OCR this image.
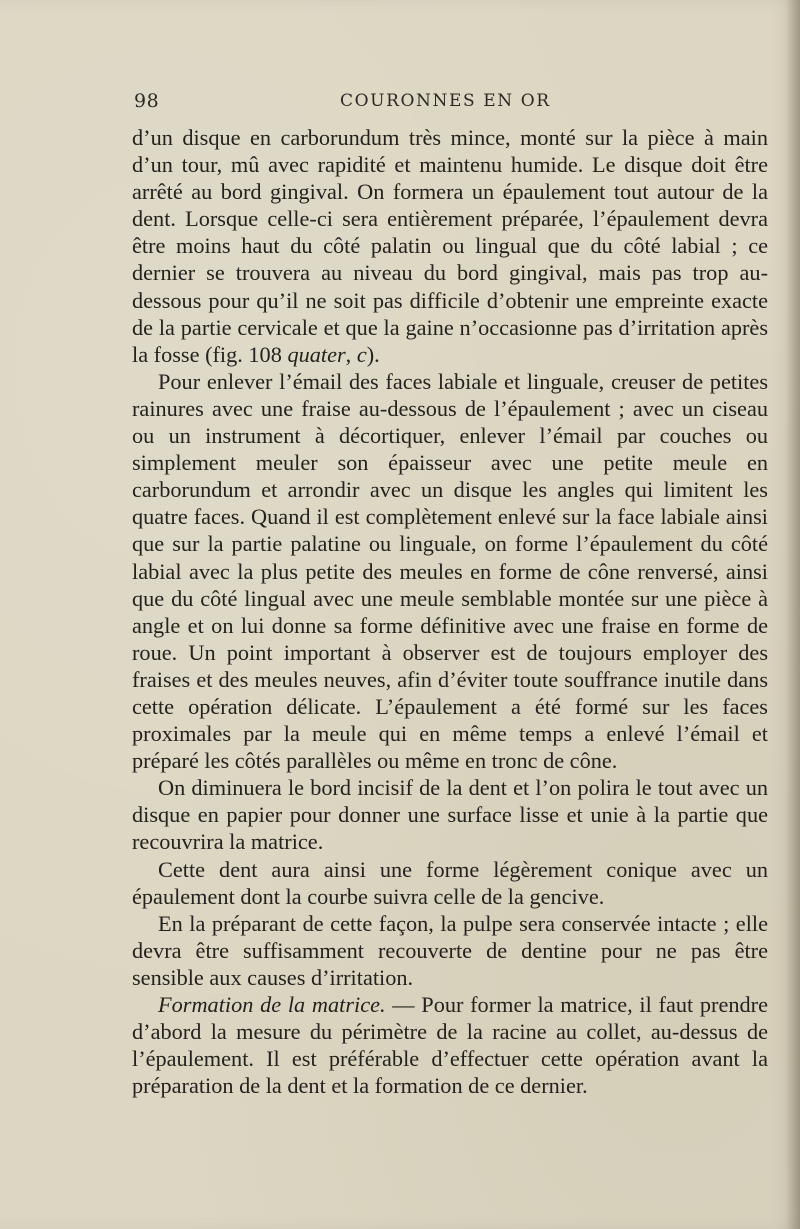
98	COURONNES EN OR

d’un disque en carborundum très mince, monté sur la pièce à main d’un tour, mû avec rapidité et maintenu humide. Le disque doit être arrêté au bord gingival. On formera un épaulement tout autour de la dent. Lorsque celle-ci sera entièrement préparée, l’épaulement devra être moins haut du côté palatin ou lingual que du côté labial ; ce dernier se trouvera au niveau du bord gingival, mais pas trop au-dessous pour qu’il ne soit pas difficile d’obtenir une empreinte exacte de la partie cervicale et que la gaine n’occasionne pas d’irritation après la fosse (fig. 108 quater, c).

Pour enlever l’émail des faces labiale et linguale, creuser de petites rainures avec une fraise au-dessous de l’épaulement ; avec un ciseau ou un instrument à décortiquer, enlever l’émail par couches ou simplement meuler son épaisseur avec une petite meule en carborundum et arrondir avec un disque les angles qui limitent les quatre faces. Quand il est complètement enlevé sur la face labiale ainsi que sur la partie palatine ou linguale, on forme l’épaulement du côté labial avec la plus petite des meules en forme de cône renversé, ainsi que du côté lingual avec une meule semblable montée sur une pièce à angle et on lui donne sa forme définitive avec une fraise en forme de roue. Un point important à observer est de toujours employer des fraises et des meules neuves, afin d’éviter toute souffrance inutile dans cette opération délicate. L’épaulement a été formé sur les faces proximales par la meule qui en même temps a enlevé l’émail et préparé les côtés parallèles ou même en tronc de cône.

On diminuera le bord incisif de la dent et l’on polira le tout avec un disque en papier pour donner une surface lisse et unie à la partie que recouvrira la matrice.

Cette dent aura ainsi une forme légèrement conique avec un épaulement dont la courbe suivra celle de la gencive.

En la préparant de cette façon, la pulpe sera conservée intacte ; elle devra être suffisamment recouverte de dentine pour ne pas être sensible aux causes d’irritation.

Formation de la matrice. — Pour former la matrice, il faut prendre d’abord la mesure du périmètre de la racine au collet, au-dessus de l’épaulement. Il est préférable d’effectuer cette opération avant la préparation de la dent et la formation de ce dernier.
